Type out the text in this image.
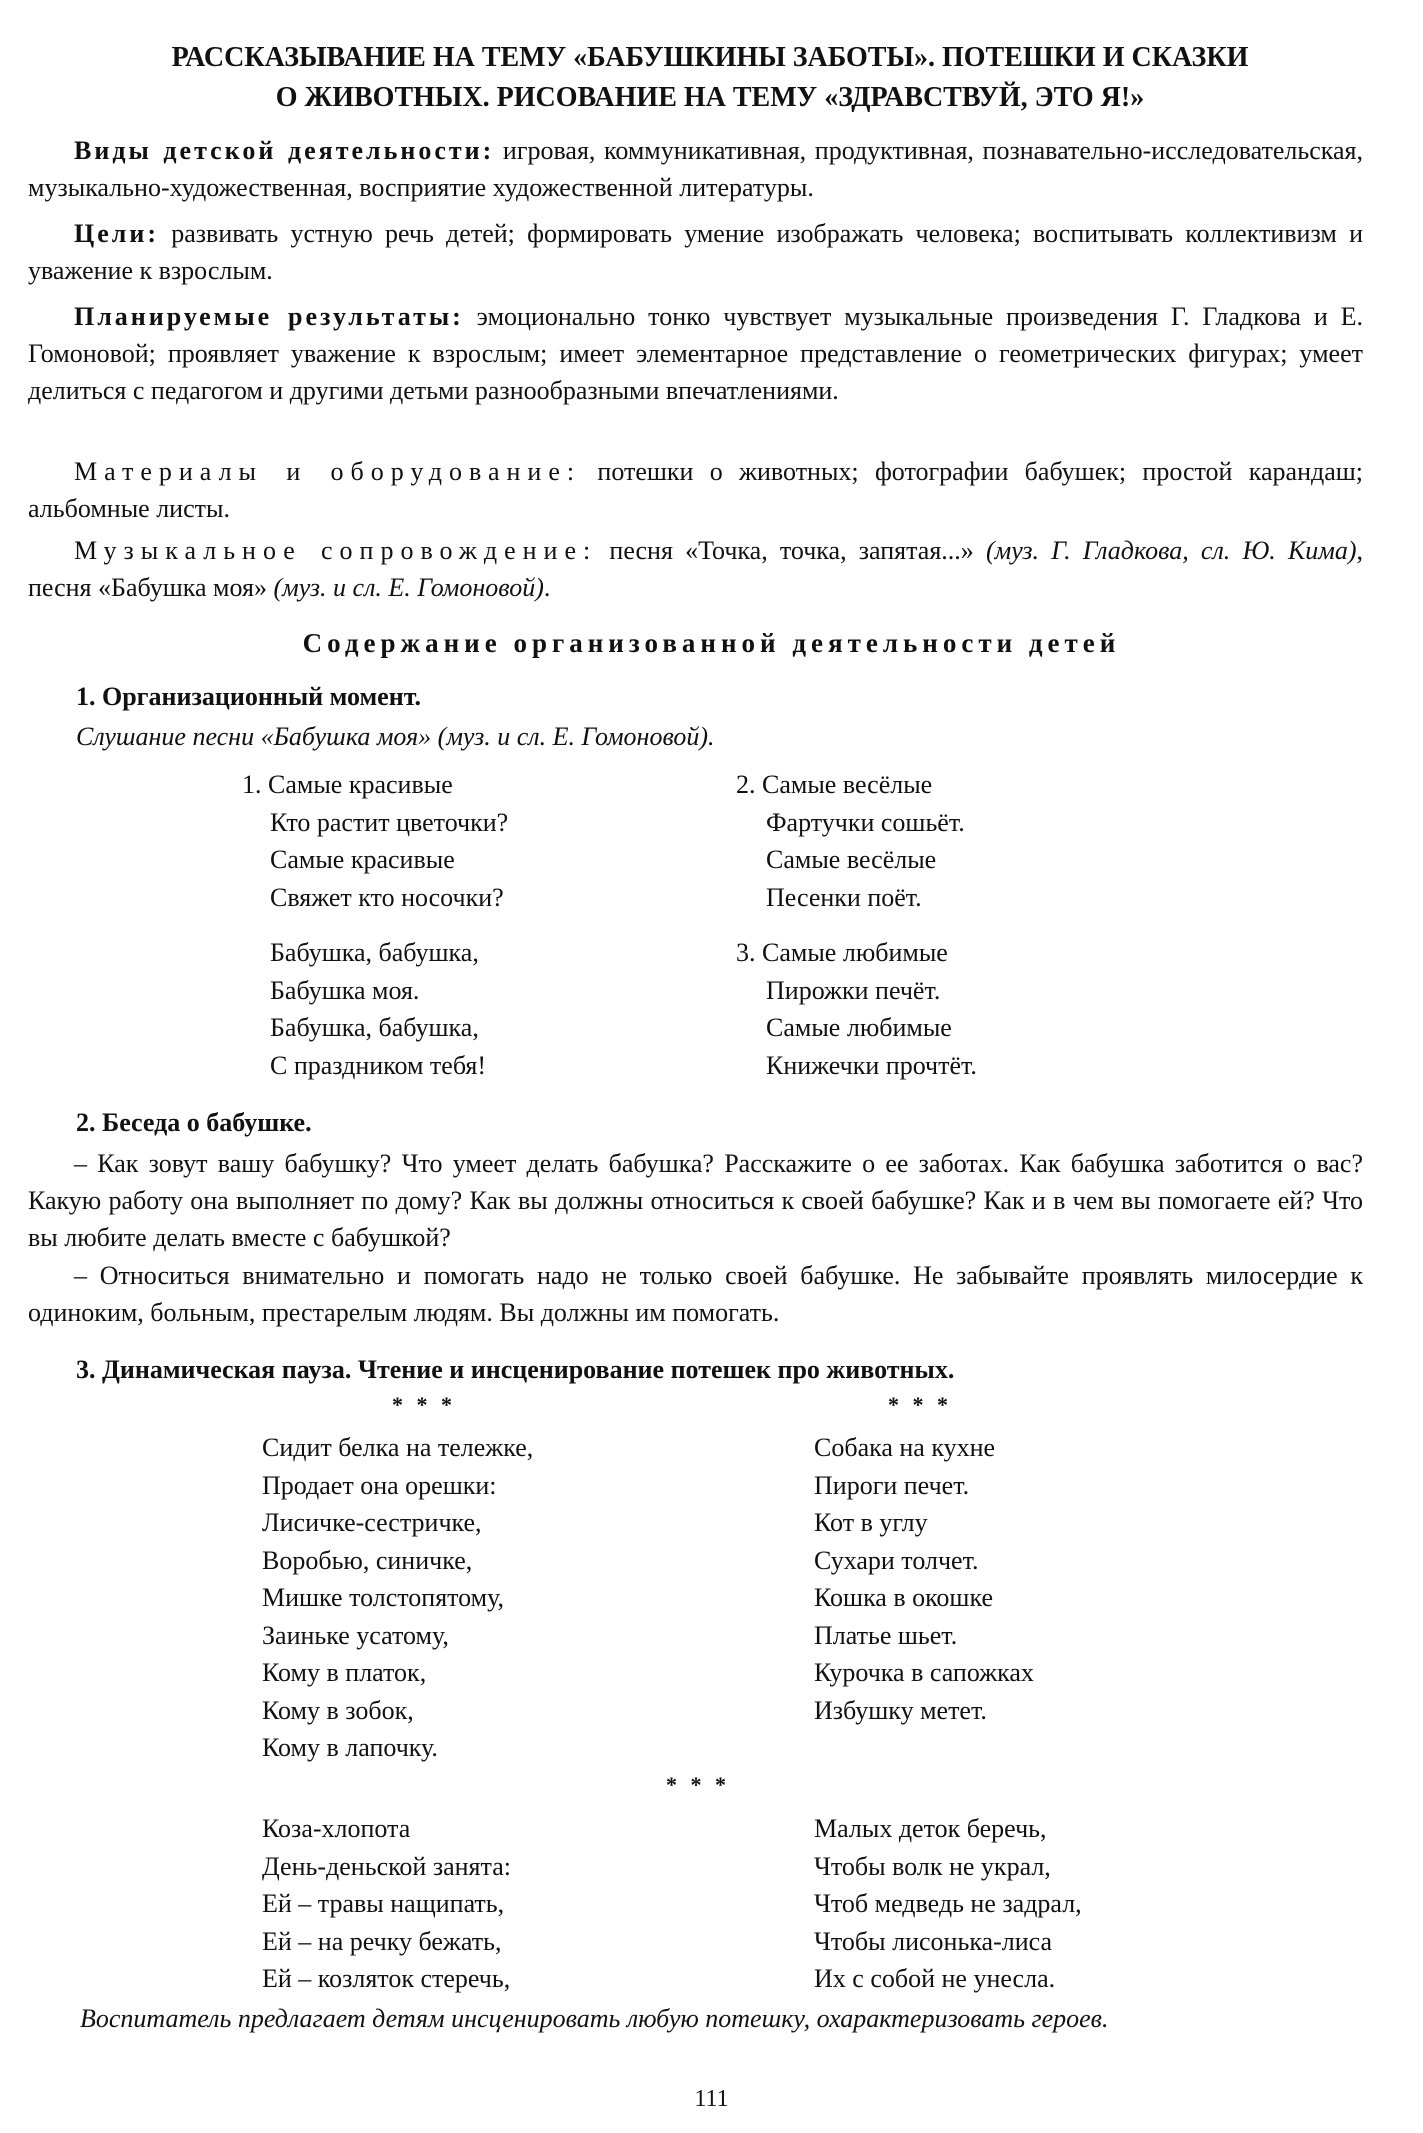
РАССКАЗЫВАНИЕ НА ТЕМУ «БАБУШКИНЫ ЗАБОТЫ». ПОТЕШКИ И СКАЗКИ
О ЖИВОТНЫХ. РИСОВАНИЕ НА ТЕМУ «ЗДРАВСТВУЙ, ЭТО Я!»

Виды детской деятельности: игровая, коммуникативная, продуктивная, познавательно-исследовательская, музыкально-художественная, восприятие художественной литературы.

Цели: развивать устную речь детей; формировать умение изображать человека; воспитывать коллективизм и уважение к взрослым.

Планируемые результаты: эмоционально тонко чувствует музыкальные произведения Г. Гладкова и Е. Гомоновой; проявляет уважение к взрослым; имеет элементарное представление о геометрических фигурах; умеет делиться с педагогом и другими детьми разнообразными впечатлениями.

Материалы и оборудование: потешки о животных; фотографии бабушек; простой карандаш; альбомные листы.

Музыкальное сопровождение: песня «Точка, точка, запятая...» (муз. Г. Гладкова, сл. Ю. Кима), песня «Бабушка моя» (муз. и сл. Е. Гомоновой).

Содержание организованной деятельности детей
1. Организационный момент.
Слушание песни «Бабушка моя» (муз. и сл. Е. Гомоновой).
1. Самые красивые
Кто растит цветочки?
Самые красивые
Свяжет кто носочки?
2. Самые весёлые
Фартучки сошьёт.
Самые весёлые
Песенки поёт.
Бабушка, бабушка,
Бабушка моя.
Бабушка, бабушка,
С праздником тебя!
3. Самые любимые
Пирожки печёт.
Самые любимые
Книжечки прочтёт.
2. Беседа о бабушке.

– Как зовут вашу бабушку? Что умеет делать бабушка? Расскажите о ее заботах. Как бабушка заботится о вас? Какую работу она выполняет по дому? Как вы должны относиться к своей бабушке? Как и в чем вы помогаете ей? Что вы любите делать вместе с бабушкой?

– Относиться внимательно и помогать надо не только своей бабушке. Не забывайте проявлять милосердие к одиноким, больным, престарелым людям. Вы должны им помогать.

3. Динамическая пауза. Чтение и инсценирование потешек про животных.
* * *	* * *
Сидит белка на тележке,
Продает она орешки:
Лисичке-сестричке,
Воробью, синичке,
Мишке толстопятому,
Заиньке усатому,
Кому в платок,
Кому в зобок,
Кому в лапочку.
Собака на кухне
Пироги печет.
Кот в углу
Сухари толчет.
Кошка в окошке
Платье шьет.
Курочка в сапожках
Избушку метет.
* * *
Коза-хлопота
День-деньской занята:
Ей – травы нащипать,
Ей – на речку бежать,
Ей – козляток стеречь,
Малых деток беречь,
Чтобы волк не украл,
Чтоб медведь не задрал,
Чтобы лисонька-лиса
Их с собой не унесла.
Воспитатель предлагает детям инсценировать любую потешку, охарактеризовать героев.
111
